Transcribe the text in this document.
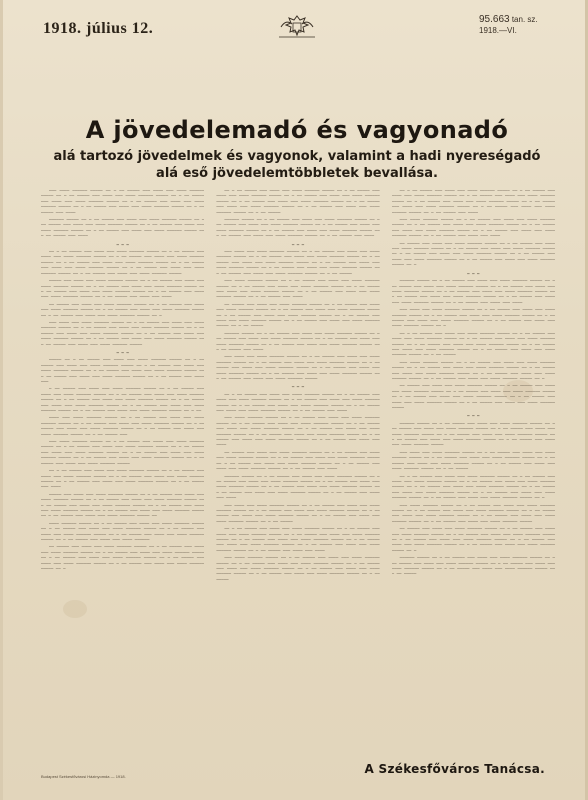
1918. július 12.
95.663 tan. sz.
1918.—VI.
A jövedelemadó és vagyonadó
alá tartozó jövedelmek és vagyonok, valamint a hadi nyereségadó alá eső jövedelemtöbbletek bevallása.

——— ———— —————— ————— —— — —— ————— ——— ———— ——— ———— —————— ————— —— — —— ————— ——— ———— ——— ———— —————— ————— —— — —— ————— ——— ———— ——— ———— —————— ————— —— — —— ————— ——— ———— ——— ———— —————— ————— —— — —— ————— ——— ———— ——— ———— —————— ————— —— — —— ————— ——— ————

—————— ————— —— — —— ————— ——— ———— ——— ———— —————— ————— —— — —— ————— ——— ———— ——— ———— —————— ————— —— — —— ————— ——— ———— ——— ———— —————— ————— —— — —— ————— ——— ———— ——— ———— —————— ————— —— — —— ————— ——— ————

— — —

—— — —— ————— ——— ———— ——— ———— —————— ————— —— — —— ————— ——— ———— ——— ———— —————— ————— —— — —— ————— ——— ———— ——— ———— —————— ————— —— — —— ————— ——— ———— ——— ———— —————— ————— —— — —— ————— ——— ———— ——— ———— —————— ————— —— — —— ————— ——— ———— ——— ———— —————— ————— —— — —— ————— ——— ———— ——— ———— —————— —————

————— ——— ———— ——— ———— —————— ————— —— — —— ————— ——— ———— ——— ———— —————— ————— —— — —— ————— ——— ———— ——— ———— —————— ————— —— — —— ————— ——— ———— ——— ———— —————— ————— —— — —— ————— ——— ———— ——— ———— —————— ————— —— — —— ————— ——— ———— ——— ————

—— ————— ——— ———— ——— ———— —————— ————— —— — —— ————— ——— ———— ——— ———— —————— ————— —— — —— ————— ——— ———— ——— ———— —————— ————— —— — —— ————— ——— ———— ——— ———— —————— ————— —— —

——— ———— ——— ———— —————— ————— —— — —— ————— ——— ———— ——— ———— —————— ————— —— — —— ————— ——— ———— ——— ———— —————— ————— —— — —— ————— ——— ———— ——— ———— —————— ————— —— — —— ————— ——— ———— ——— ———— —————— ————— —— — —— ————— ——— ———— ——— ———— —————— ————— —— — —— ————— ——— ———— ——— ———— —————— —————

— — —

————— —— — —— ————— ——— ———— ——— ———— —————— ————— —— — —— ————— ——— ———— ——— ———— —————— ————— —— — —— ————— ——— ———— ——— ———— —————— ————— —— — —— ————— ——— ———— ——— ———— —————— ————— —— — —— ————— ——— ———— ——— ———— —————— ————— —— — —— ————— ——— ———— ———

— —— ————— ——— ———— ——— ———— —————— ————— —— — —— ————— ——— ———— ——— ———— —————— ————— —— — —— ————— ——— ———— ——— ———— —————— ————— —— — —— ————— ——— ———— ——— ———— —————— ————— —— — —— ————— ——— ———— ——— ———— —————— ————— —— — —— ————— ——— ———— ——— ———— —————— ————— —— — —— ————— ——— ———— ——— ———— —————— ————— —— — ——

———— ——— ———— —————— ————— —— — —— ————— ——— ———— ——— ———— —————— ————— —— — —— ————— ——— ———— ——— ———— —————— ————— —— — —— ————— ——— ———— ——— ———— —————— ————— —— — —— ————— ——— ———— ——— ———— —————— ————— —— — —— ————— ———

——— ———— —————— ————— —— — —— ————— ——— ———— ——— ———— —————— ————— —— — —— ————— ——— ———— ——— ———— —————— ————— —— — —— ————— ——— ———— ——— ———— —————— ————— —— — —— ————— ——— ———— ——— ———— —————— ————— —— — —— ————— ——— ———— ——— ———— —————— ————— —— — —— ————— ——— ———— ——— ———— —————— —————

—— — —— ————— ——— ———— ——— ———— —————— ————— —— — —— ————— ——— ———— ——— ———— —————— ————— —— — —— ————— ——— ———— ——— ———— —————— ————— —— — —— ————— ——— ———— ——— ———— —————— ————— —— — —— ————— ——— ————

————— ——— ———— ——— ———— —————— ————— —— — —— ————— ——— ———— ——— ———— —————— ————— —— — —— ————— ——— ———— ——— ———— —————— ————— —— — —— ————— ——— ———— ——— ———— —————— ————— —— — —— ————— ——— ———— ——— ———— —————— ————— —— — —— ————— ——— ———— ——— ———— —————— ————— —— — —— ————— ——— ———— ——— ———— —————— ————— ——

———— —————— ————— —— — —— ————— ——— ———— ——— ———— —————— ————— —— — —— ————— ——— ———— ——— ———— —————— ————— —— — —— ————— ——— ———— ——— ———— —————— ————— —— — —— ————— ——— ———— ——— ———— —————— ————— —— — —— ————— ——— ———— ——— ———— ——————

—— ————— ——— ———— ——— ———— —————— ————— —— — —— ————— ——— ———— ——— ———— —————— ————— —— — —— ————— ——— ———— ——— ———— —————— ————— —— — —— ————— ——— ———— ——— ———— —————— ————— —— — —— ————— ——— ———— ——— ———— —————— ————— —— — —— ————— ——— ———— ——— ———— —————— ————— —— —

—— — —— ————— ——— ———— ——— ———— —————— ————— —— — —— ————— ——— ———— ——— ———— —————— ————— —— — —— ————— ——— ———— ——— ———— —————— ————— —— — —— ————— ——— ———— ——— ———— —————— ————— —— — —— ————— ——— ———— ——— ———— —————— ————— —— — —— ————— ——— ———— ——— ———— —————— ————— —— — —— —————

—————— ————— —— — —— ————— ——— ———— ——— ———— —————— ————— —— — —— ————— ——— ———— ——— ———— —————— ————— —— — —— ————— ——— ———— ——— ———— —————— ————— —— — —— ————— ——— ———— ——— ———— —————— ————— —— — —— ————— ——— ———— ——— ———— —————— ————— —— — —— ————— ——— ————

— — —

——— ———— ——— ———— —————— ————— —— — —— ————— ——— ———— ——— ———— —————— ————— —— — —— ————— ——— ———— ——— ———— —————— ————— —— — —— ————— ——— ———— ——— ———— —————— ————— —— — —— ————— ——— ———— ——— ———— —————— ————— —— — —— ————— ——— ———— ——— ———— —————— ————— —— — —— ————— ——— ———— ——— ———— —————— ————— —— — —— —————

——— ———— —————— ————— —— — —— ————— ——— ———— ——— ———— —————— ————— —— — —— ————— ——— ———— ——— ———— —————— ————— —— — —— ————— ——— ———— ——— ———— —————— ————— —— — —— ————— ——— ———— ——— ———— —————— ————— —— — —— ————— ——— ————

—— ————— ——— ———— ——— ———— —————— ————— —— — —— ————— ——— ———— ——— ———— —————— ————— —— — —— ————— ——— ———— ——— ———— —————— ————— —— — —— ————— ——— ———— ——— ———— —————— ————— —— — —— ————— ——— ———— ——— ———— —————— ————— —— — —— ————— ——— ———— ——— ———— —————— ————— —— — —— —————

—————— ————— —— — —— ————— ——— ———— ——— ———— —————— ————— —— — —— ————— ——— ———— ——— ———— —————— ————— —— — —— ————— ——— ———— ——— ———— —————— ————— —— — —— ————— ——— ———— ——— ———— —————— ————— —— — —— ————— ——— ————

——— ———— ——— ———— —————— ————— —— — —— ————— ——— ———— ——— ———— —————— ————— —— — —— ————— ——— ———— ——— ———— —————— ————— —— — —— ————— ——— ———— ——— ———— —————— ————— —— — —— ————— ——— ———— ——— ———— —————— ————— —— — —— ————— ——— ———— ——— ———— —————— ————— —— — —— ————— ——— ———— ——— ———— —————— —————

— — —

—— — —— ————— ——— ———— ——— ———— —————— ————— —— — —— ————— ——— ———— ——— ———— —————— ————— —— — —— ————— ——— ———— ——— ———— —————— ————— —— — —— ————— ——— ———— ——— ———— —————— ————— —— — —— ————— ——— ———— ——— ———— —————— ————— —— — —— ————— ——— ————

——— ———— —————— ————— —— — —— ————— ——— ———— ——— ———— —————— ————— —— — —— ————— ——— ———— ——— ———— —————— ————— —— — —— ————— ——— ———— ——— ———— —————— ————— —— — —— ————— ——— ———— ——— ———— —————— ————— —— — —— ————— ——— ———— ——— ———— —————— ————— —— — —— ————— ——— ———— ——— ———— —————— ————— —— — —— ————— ——— ———— ——— ————

—— ————— ——— ———— ——— ———— —————— ————— —— — —— ————— ——— ———— ——— ———— —————— ————— —— — —— ————— ——— ———— ——— ———— —————— ————— —— — —— ————— ——— ———— ——— ———— —————— ————— —— — —— ————— ——— ———— ——— ———— —————— ————— —— — —— ————— ——— ————

—————— ————— —— — —— ————— ——— ———— ——— ———— —————— ————— —— — —— ————— ——— ———— ——— ———— —————— ————— —— — —— ————— ——— ———— ——— ———— —————— ————— —— — —— ————— ——— ———— ——— ———— —————— ————— —— — —— ————— ——— ———— ——— ———— —————— ————— —— — —— ————— ——— ———— ——— ————

——— ———— ——— ———— —————— ————— —— — —— ————— ——— ———— ——— ———— —————— ————— —— — —— ————— ——— ———— ——— ———— —————— ————— —— — —— ————— ——— ———— ——— ———— —————— ————— —— — —— ————— ——— ———— ——— ———— —————— ————— —— — —— —————

—— — —— ————— ——— ———— ——— ———— —————— ————— —— — —— ————— ——— ———— ——— ———— —————— ————— —— — —— ————— ——— ———— ——— ———— —————— ————— —— — —— ————— ——— ———— ——— ———— —————— ————— —— — —— ————— ——— ———— ——— ———— —————— ————— —— — —— ————— ——— ———— ——— ———— —————— ————— —— — —— ————— ——— ———— ——— ————

——— ———— —————— ————— —— — —— ————— ——— ———— ——— ———— —————— ————— —— — —— ————— ——— ———— ——— ———— —————— ————— —— — —— ————— ——— ———— ——— ———— —————— ————— —— — —— ————— ——— ———— ——— ———— —————— ————— —— — —— ————— ——— ———— ——— ———— —————— ————— —— — —— —————

—— — —— ————— ——— ———— ——— ———— —————— ————— —— — —— ————— ——— ———— ——— ———— —————— ————— —— — —— ————— ——— ———— ——— ———— —————— ————— —— — —— ————— ——— ———— ——— ———— —————— ————— —— — —— ————— ——— ———— ——— ———— —————— ————— —— — —— ————— ——— ———— ——— ———— —————— ————— —— — —— ————— ——— ————

——— ———— —————— ————— —— — —— ————— ——— ———— ——— ———— —————— ————— —— — —— ————— ——— ———— ——— ———— —————— ————— —— — —— ————— ——— ———— ——— ———— —————— ————— —— — —— ————— ——— ———— ——— ———— —————— ————— —— — —— ————— ——— ———— ——— ————

—— ————— ——— ———— ——— ———— —————— ————— —— — —— ————— ——— ———— ——— ———— —————— ————— —— — —— ————— ——— ———— ——— ———— —————— ————— —— — —— ————— ——— ———— ——— ———— —————— ————— —— — —— ————— ——— ———— ——— ———— —————— ————— —— — —— ————— ——— ———— ——— ———— —————— ————— —— —

— — —

—————— ————— —— — —— ————— ——— ———— ——— ———— —————— ————— —— — —— ————— ——— ———— ——— ———— —————— ————— —— — —— ————— ——— ———— ——— ———— —————— ————— —— — —— ————— ——— ———— ——— ———— —————— ————— —— — —— ————— ——— ———— ——— ———— —————— ————— —— — —— ————— ——— ———— ——— ———— —————— ————— —— — —— ————— ——— ———— ——— ————

——— ———— ——— ———— —————— ————— —— — —— ————— ——— ———— ——— ———— —————— ————— —— — —— ————— ——— ———— ——— ———— —————— ————— —— — —— ————— ——— ———— ——— ———— —————— ————— —— — —— ————— ——— ———— ——— ———— —————— ————— —— —

—— — —— ————— ——— ———— ——— ———— —————— ————— —— — —— ————— ——— ———— ——— ———— —————— ————— —— — —— ————— ——— ———— ——— ———— —————— ————— —— — —— ————— ——— ———— ——— ———— —————— ————— —— — —— ————— ——— ———— ——— ———— —————— ————— —— — —— ————— ——— ———— ——— ———— —————— ————— —— — —— —————

——— ———— —————— ————— —— — —— ————— ——— ———— ——— ———— —————— ————— —— — —— ————— ——— ———— ——— ———— —————— ————— —— — —— ————— ——— ———— ——— ———— —————— ————— —— — —— ————— ——— ———— ——— ———— —————— ————— —— — —— ————— ——— ———— ——— ———— —————— ————— —— —

—— ————— ——— ———— ——— ———— —————— ————— —— — —— ————— ——— ———— ——— ———— —————— ————— —— — —— ————— ——— ———— ——— ———— —————— ————— —— — —— ————— ——— ———— ——— ———— —————— ————— —— — —— ————— ——— ———— ——— ———— —————— ————— —— — —— ————— ——— ———— ——— ———— —————— —————

— — —

—————— ————— —— — —— ————— ——— ———— ——— ———— —————— ————— —— — —— ————— ——— ———— ——— ———— —————— ————— —— — —— ————— ——— ———— ——— ———— —————— ————— —— — —— ————— ——— ———— ——— ———— —————— ————— —— — —— ————— ——— ———— ——— ———— —————— ————— —— — —— ————— ——— ———— ——— ———— —————— —————

——— ———— ——— ———— —————— ————— —— — —— ————— ——— ———— ——— ———— —————— ————— —— — —— ————— ——— ———— ——— ———— —————— ————— —— — —— ————— ——— ———— ——— ———— —————— ————— —— — —— ————— ——— ———— ——— ———— —————— ————— —— — —— —————

—— — —— ————— ——— ———— ——— ———— —————— ————— —— — —— ————— ——— ———— ——— ———— —————— ————— —— — —— ————— ——— ———— ——— ———— —————— ————— —— — —— ————— ——— ———— ——— ———— —————— ————— —— — —— ————— ——— ———— ——— ———— —————— ————— —— — —— ————— ——— ———— ——— ———— —————— ————— —— — —— ————— ——— ———— ——— ———— —————— ————— —— —

——— ———— —————— ————— —— — —— ————— ——— ———— ——— ———— —————— ————— —— — —— ————— ——— ———— ——— ———— —————— ————— —— — —— ————— ——— ———— ——— ———— —————— ————— —— — —— ————— ——— ———— ——— ———— —————— ————— —— — —— ————— ——— ———— ——— ———— —————— —————

—— ————— ——— ———— ——— ———— —————— ————— —— — —— ————— ——— ———— ——— ———— —————— ————— —— — —— ————— ——— ———— ——— ———— —————— ————— —— — —— ————— ——— ———— ——— ———— —————— ————— —— — —— ————— ——— ———— ——— ———— —————— ————— —— — —— ————— ——— ———— ——— ———— —————— ————— —— —

—————— ————— —— — —— ————— ——— ———— ——— ———— —————— ————— —— — —— ————— ——— ———— ——— ———— —————— ————— —— — —— ————— ——— ———— ——— ———— —————— ————— —— — —— ————— ——— ———— ——— ———— —————— ————— —— — —— —————

Budapest Székesfővárosi Házinyomda — 1918.
A Székesfőváros Tanácsa.
